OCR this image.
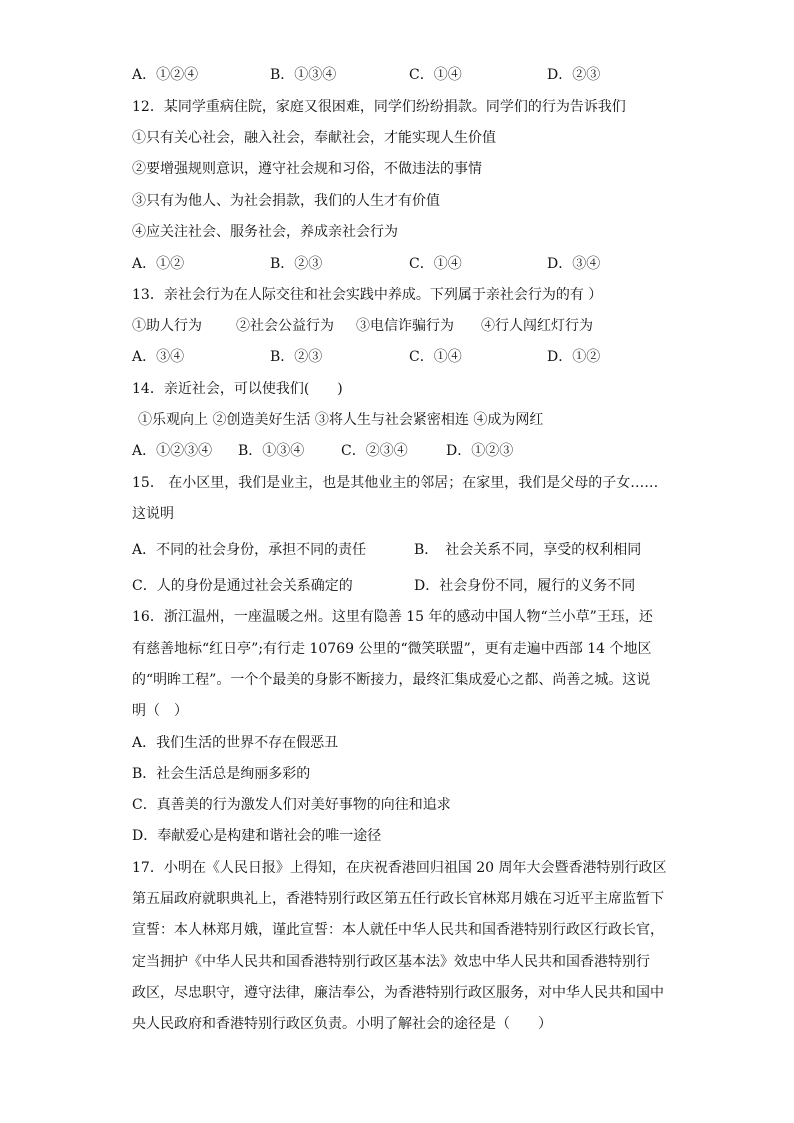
A．①②④	B．①③④	C．①④	D．②③
12．某同学重病住院，家庭又很困难，同学们纷纷捐款。同学们的行为告诉我们
①只有关心社会，融入社会，奉献社会，才能实现人生价值
②要增强规则意识，遵守社会规和习俗，不做违法的事情
③只有为他人、为社会捐款，我们的人生才有价值
④应关注社会、服务社会，养成亲社会行为
A．①②	B．②③	C．①④	D．③④
13．亲社会行为在人际交往和社会实践中养成。下列属于亲社会行为的有 ）
①助人行为 ②社会公益行为 ③电信诈骗行为 ④行人闯红灯行为
A．③④	B．②③	C．①④	D．①②
14．亲近社会，可以使我们(　　)
①乐观向上 ②创造美好生活 ③将人生与社会紧密相连 ④成为网红
A．①②③④ B．①③④	C．②③④	D．①②③
15． 在小区里，我们是业主，也是其他业主的邻居；在家里，我们是父母的子女……
这说明
A．不同的社会身份，承担不同的责任	B．　社会关系不同，享受的权利相同
C．人的身份是通过社会关系确定的	D．社会身份不同，履行的义务不同
16．浙江温州，一座温暖之州。这里有隐善 15 年的感动中国人物“兰小草”王珏，还
有慈善地标“红日亭”;有行走 10769 公里的“微笑联盟”，更有走遍中西部 14 个地区
的“明眸工程”。一个个最美的身影不断接力，最终汇集成爱心之都、尚善之城。这说
明（　）
A．我们生活的世界不存在假恶丑
B．社会生活总是绚丽多彩的
C．真善美的行为激发人们对美好事物的向往和追求
D．奉献爱心是构建和谐社会的唯一途径
17．小明在《人民日报》上得知，在庆祝香港回归祖国 20 周年大会暨香港特别行政区
第五届政府就职典礼上，香港特别行政区第五任行政长官林郑月娥在习近平主席监暂下
宣誓：本人林郑月娥，谨此宣誓：本人就任中华人民共和国香港特别行政区行政长官，
定当拥护《中华人民共和国香港特别行政区基本法》效忠中华人民共和国香港特别行
政区，尽忠职守，遵守法律，廉洁奉公，为香港特别行政区服务，对中华人民共和国中
央人民政府和香港特别行政区负责。小明了解社会的途径是（　　）
